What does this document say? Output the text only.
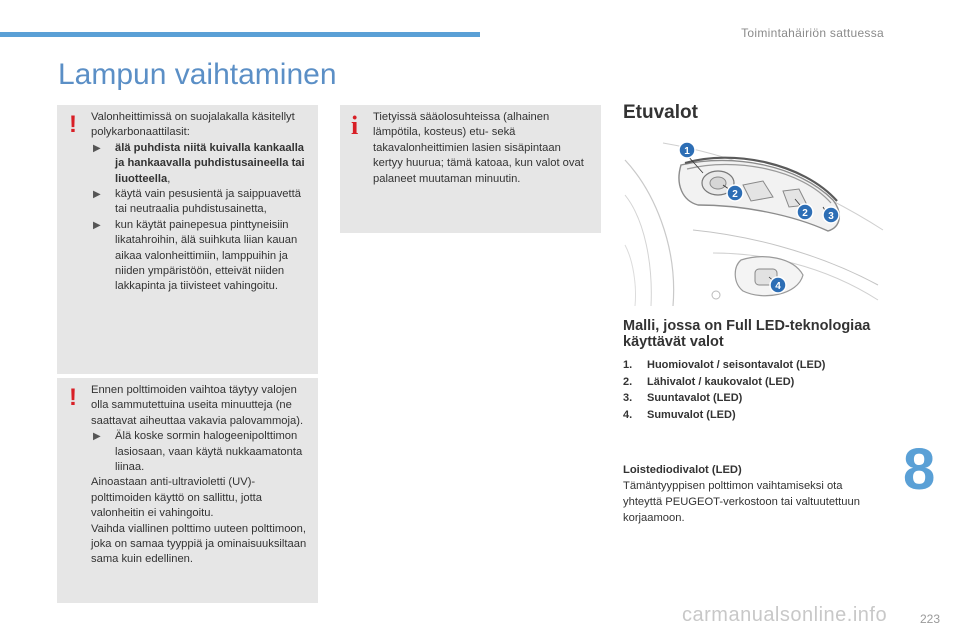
Toimintahäiriön sattuessa
Lampun vaihtaminen
! Valonheittimissä on suojalakalla käsitellyt polykarbonaattilasit:

▶ älä puhdista niitä kuivalla kankaalla ja hankaavalla puhdistusaineella tai liuotteella,
▶ käytä vain pesusientä ja saippuavettä tai neutraalia puhdistusainetta,
▶ kun käytät painepesua pinttyneisiin likatahroihin, älä suihkuta liian kauan aikaa valonheittimiin, lamppuihin ja niiden ympäristöön, etteivät niiden lakkapinta ja tiivisteet vahingoitu.
! Ennen polttimoiden vaihtoa täytyy valojen olla sammutettuina useita minuutteja (ne saattavat aiheuttaa vakavia palovammoja).

▶ Älä koske sormin halogeenipolttimon lasiosaan, vaan käytä nukkaamatonta liinaa.

Ainoastaan anti-ultravioletti (UV)-polttimoiden käyttö on sallittu, jotta valonheitin ei vahingoitu.

Vaihda viallinen polttimo uuteen polttimoon, joka on samaa tyyppiä ja ominaisuuksiltaan sama kuin edellinen.

i Tietyissä sääolosuhteissa (alhainen lämpötila, kosteus) etu- sekä takavalonheittimien lasien sisäpintaan kertyy huurua; tämä katoaa, kun valot ovat palaneet muutaman minuutin.

Etuvalot
1
2
2 3
4
Malli, jossa on Full LED-teknologiaa käyttävät valot
1. Huomiovalot / seisontavalot (LED)
2. Lähivalot / kaukovalot (LED)
3. Suuntavalot (LED)
4. Sumuvalot (LED)
Loistediodivalot (LED)
Tämäntyyppisen polttimon vaihtamiseksi ota yhteyttä PEUGEOT-verkostoon tai valtuutettuun korjaamoon.
8
223
carmanualsonline.info
